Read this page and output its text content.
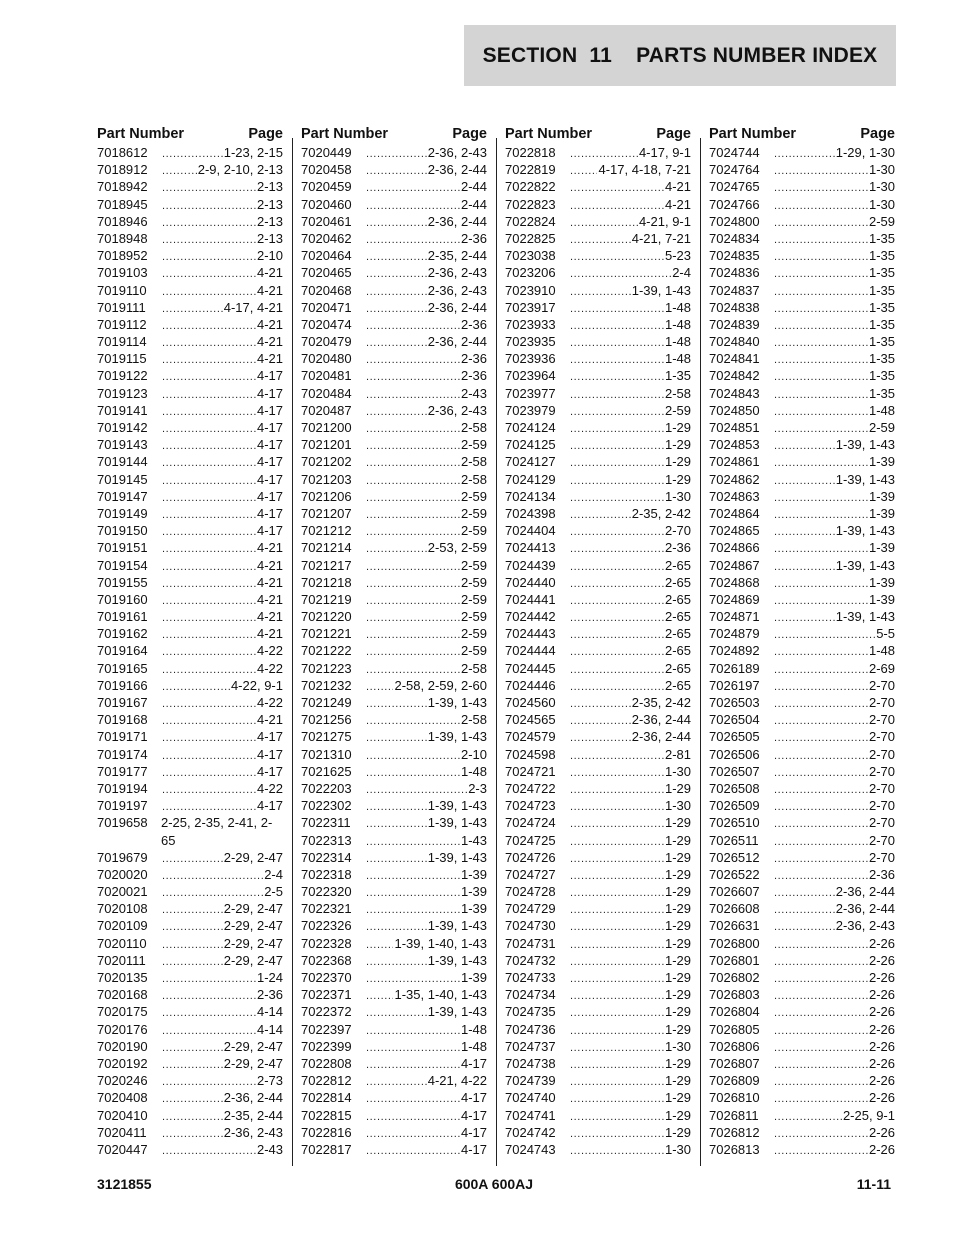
SECTION  11
PARTS NUMBER INDEX
Part Number	Page
7018612 .....	1-23, 2-15
7018912 .....	2-9, 2-10, 2-13
7018942 .....	2-13
7018945 .....	2-13
7018946 .....	2-13
7018948 .....	2-13
7018952 .....	2-10
7019103 .....	4-21
7019110 .....	4-21
7019111 .....	4-17, 4-21
7019112 .....	4-21
7019114 .....	4-21
7019115 .....	4-21
7019122 .....	4-17
7019123 .....	4-17
7019141 .....	4-17
7019142 .....	4-17
7019143 .....	4-17
7019144 .....	4-17
7019145 .....	4-17
7019147 .....	4-17
7019149 .....	4-17
7019150 .....	4-17
7019151 .....	4-21
7019154 .....	4-21
7019155 .....	4-21
7019160 .....	4-21
7019161 .....	4-21
7019162 .....	4-21
7019164 .....	4-22
7019165 .....	4-22
7019166 .....	4-22, 9-1
7019167 .....	4-22
7019168 .....	4-21
7019171 .....	4-17
7019174 .....	4-17
7019177 .....	4-17
7019194 .....	4-22
7019197 .....	4-17
7019658	2-25, 2-35, 2-41, 2-65
7019679 .....	2-29, 2-47
7020020 .....	2-4
7020021 .....	2-5
7020108 .....	2-29, 2-47
7020109 .....	2-29, 2-47
7020110 .....	2-29, 2-47
7020111 .....	2-29, 2-47
7020135 .....	1-24
7020168 .....	2-36
7020175 .....	4-14
7020176 .....	4-14
7020190 .....	2-29, 2-47
7020192 .....	2-29, 2-47
7020246 .....	2-73
7020408 .....	2-36, 2-44
7020410 .....	2-35, 2-44
7020411 .....	2-36, 2-43
7020447 .....	2-43
Part Number	Page
7020449 .....	2-36, 2-43
7020458 .....	2-36, 2-44
7020459 .....	2-44
7020460 .....	2-44
7020461 .....	2-36, 2-44
7020462 .....	2-36
7020464 .....	2-35, 2-44
7020465 .....	2-36, 2-43
7020468 .....	2-36, 2-43
7020471 .....	2-36, 2-44
7020474 .....	2-36
7020479 .....	2-36, 2-44
7020480 .....	2-36
7020481 .....	2-36
7020484 .....	2-43
7020487 .....	2-36, 2-43
7021200 .....	2-58
7021201 .....	2-59
7021202 .....	2-58
7021203 .....	2-58
7021206 .....	2-59
7021207 .....	2-59
7021212 .....	2-59
7021214 .....	2-53, 2-59
7021217 .....	2-59
7021218 .....	2-59
7021219 .....	2-59
7021220 .....	2-59
7021221 .....	2-59
7021222 .....	2-59
7021223 .....	2-58
7021232 .....	2-58, 2-59, 2-60
7021249 .....	1-39, 1-43
7021256 .....	2-58
7021275 .....	1-39, 1-43
7021310 .....	2-10
7021625 .....	1-48
7022203 .....	2-3
7022302 .....	1-39, 1-43
7022311 .....	1-39, 1-43
7022313 .....	1-43
7022314 .....	1-39, 1-43
7022318 .....	1-39
7022320 .....	1-39
7022321 .....	1-39
7022326 .....	1-39, 1-43
7022328 .....	1-39, 1-40, 1-43
7022368 .....	1-39, 1-43
7022370 .....	1-39
7022371 .....	1-35, 1-40, 1-43
7022372 .....	1-39, 1-43
7022397 .....	1-48
7022399 .....	1-48
7022808 .....	4-17
7022812 .....	4-21, 4-22
7022814 .....	4-17
7022815 .....	4-17
7022816 .....	4-17
7022817 .....	4-17
Part Number	Page
7022818 .....	4-17, 9-1
7022819 .....	4-17, 4-18, 7-21
7022822 .....	4-21
7022823 .....	4-21
7022824 .....	4-21, 9-1
7022825 .....	4-21, 7-21
7023038 .....	5-23
7023206 .....	2-4
7023910 .....	1-39, 1-43
7023917 .....	1-48
7023933 .....	1-48
7023935 .....	1-48
7023936 .....	1-48
7023964 .....	1-35
7023977 .....	2-58
7023979 .....	2-59
7024124 .....	1-29
7024125 .....	1-29
7024127 .....	1-29
7024129 .....	1-29
7024134 .....	1-30
7024398 .....	2-35, 2-42
7024404 .....	2-70
7024413 .....	2-36
7024439 .....	2-65
7024440 .....	2-65
7024441 .....	2-65
7024442 .....	2-65
7024443 .....	2-65
7024444 .....	2-65
7024445 .....	2-65
7024446 .....	2-65
7024560 .....	2-35, 2-42
7024565 .....	2-36, 2-44
7024579 .....	2-36, 2-44
7024598 .....	2-81
7024721 .....	1-30
7024722 .....	1-29
7024723 .....	1-30
7024724 .....	1-29
7024725 .....	1-29
7024726 .....	1-29
7024727 .....	1-29
7024728 .....	1-29
7024729 .....	1-29
7024730 .....	1-29
7024731 .....	1-29
7024732 .....	1-29
7024733 .....	1-29
7024734 .....	1-29
7024735 .....	1-29
7024736 .....	1-29
7024737 .....	1-30
7024738 .....	1-29
7024739 .....	1-29
7024740 .....	1-29
7024741 .....	1-29
7024742 .....	1-29
7024743 .....	1-30
Part Number	Page
7024744 .....	1-29, 1-30
7024764 .....	1-30
7024765 .....	1-30
7024766 .....	1-30
7024800 .....	2-59
7024834 .....	1-35
7024835 .....	1-35
7024836 .....	1-35
7024837 .....	1-35
7024838 .....	1-35
7024839 .....	1-35
7024840 .....	1-35
7024841 .....	1-35
7024842 .....	1-35
7024843 .....	1-35
7024850 .....	1-48
7024851 .....	2-59
7024853 .....	1-39, 1-43
7024861 .....	1-39
7024862 .....	1-39, 1-43
7024863 .....	1-39
7024864 .....	1-39
7024865 .....	1-39, 1-43
7024866 .....	1-39
7024867 .....	1-39, 1-43
7024868 .....	1-39
7024869 .....	1-39
7024871 .....	1-39, 1-43
7024879 .....	5-5
7024892 .....	1-48
7026189 .....	2-69
7026197 .....	2-70
7026503 .....	2-70
7026504 .....	2-70
7026505 .....	2-70
7026506 .....	2-70
7026507 .....	2-70
7026508 .....	2-70
7026509 .....	2-70
7026510 .....	2-70
7026511 .....	2-70
7026512 .....	2-70
7026522 .....	2-36
7026607 .....	2-36, 2-44
7026608 .....	2-36, 2-44
7026631 .....	2-36, 2-43
7026800 .....	2-26
7026801 .....	2-26
7026802 .....	2-26
7026803 .....	2-26
7026804 .....	2-26
7026805 .....	2-26
7026806 .....	2-26
7026807 .....	2-26
7026809 .....	2-26
7026810 .....	2-26
7026811 .....	2-25, 9-1
7026812 .....	2-26
7026813 .....	2-26
3121855	600A 600AJ	11-11
